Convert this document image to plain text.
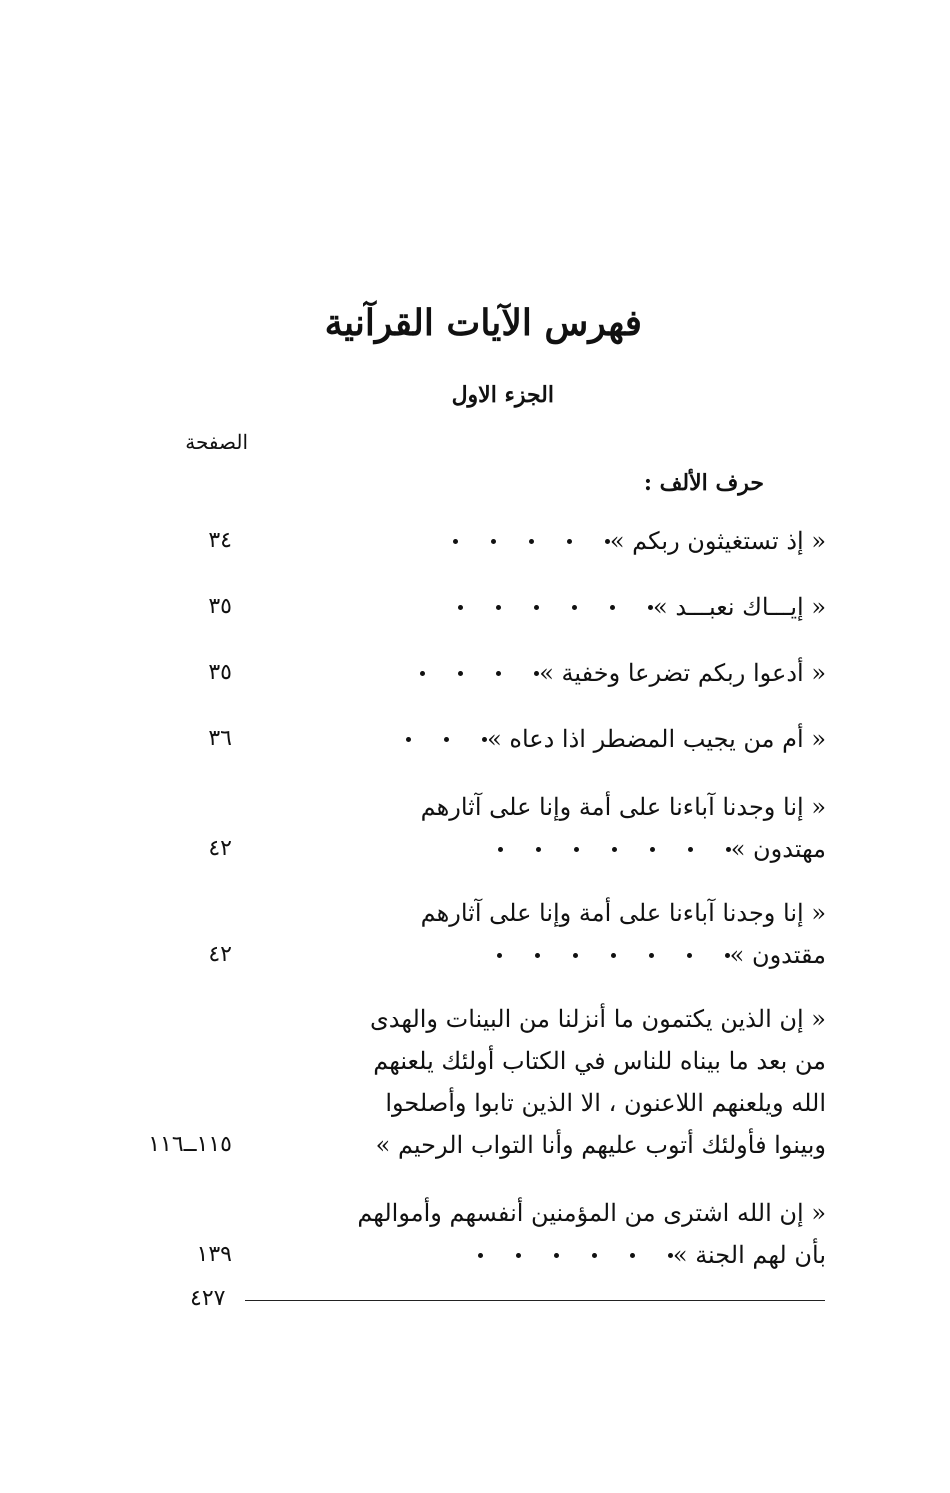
فهرس الآيات القرآنية
الجزء الاول
الصفحة
حرف الألف :
« إذ تستغيثون ربكم »
٣٤
« إيـــاك نعبـــد »
٣٥
« أدعوا ربكم تضرعا وخفية »
٣٥
« أم من يجيب المضطر اذا دعاه »
٣٦
« إنا وجدنا آباءنا على أمة وإنا على آثارهم
مهتدون »
٤٢
« إنا وجدنا آباءنا على أمة وإنا على آثارهم
مقتدون »
٤٢
« إن الذين يكتمون ما أنزلنا من البينات والهدى
من بعد ما بيناه للناس في الكتاب أولئك يلعنهم
الله ويلعنهم اللاعنون ، الا الذين تابوا وأصلحوا
وبينوا فأولئك أتوب عليهم وأنا التواب الرحيم »
١١٥ــ١١٦
« إن الله اشترى من المؤمنين أنفسهم وأموالهم
بأن لهم الجنة »
١٣٩
٤٢٧
